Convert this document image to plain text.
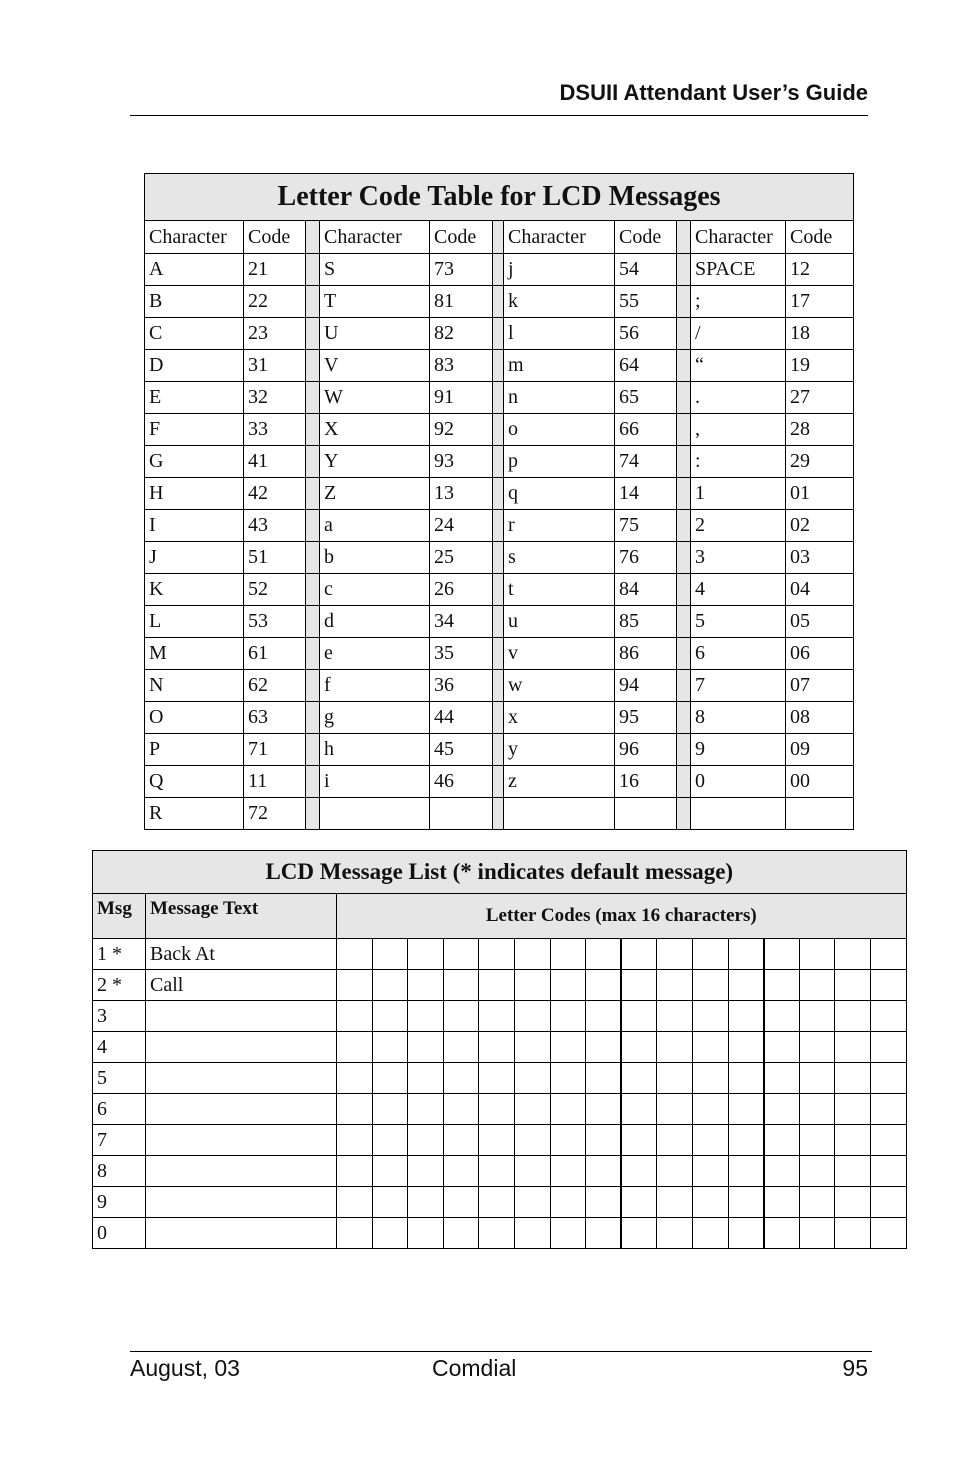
DSUII Attendant User’s Guide
Letter Code Table for LCD Messages										
Character	Code		Character	Code		Character	Code		Character	Code
A	21		S	73		j	54		SPACE	12
B	22		T	81		k	55		;	17
C	23		U	82		l	56		/	18
D	31		V	83		m	64		“	19
E	32		W	91		n	65		.	27
F	33		X	92		o	66		,	28
G	41		Y	93		p	74		:	29
H	42		Z	13		q	14		1	01
I	43		a	24		r	75		2	02
J	51		b	25		s	76		3	03
K	52		c	26		t	84		4	04
L	53		d	34		u	85		5	05
M	61		e	35		v	86		6	06
N	62		f	36		w	94		7	07
O	63		g	44		x	95		8	08
P	71		h	45		y	96		9	09
Q	11		i	46		z	16		0	00
R	72									
LCD Message List (* indicates default message)																	
Msg	Message Text	Letter Codes (max 16 characters)															
1 *	Back At																
2 *	Call																
3																	
4																	
5																	
6																	
7																	
8																	
9																	
0																	
August, 03	Comdial	95
